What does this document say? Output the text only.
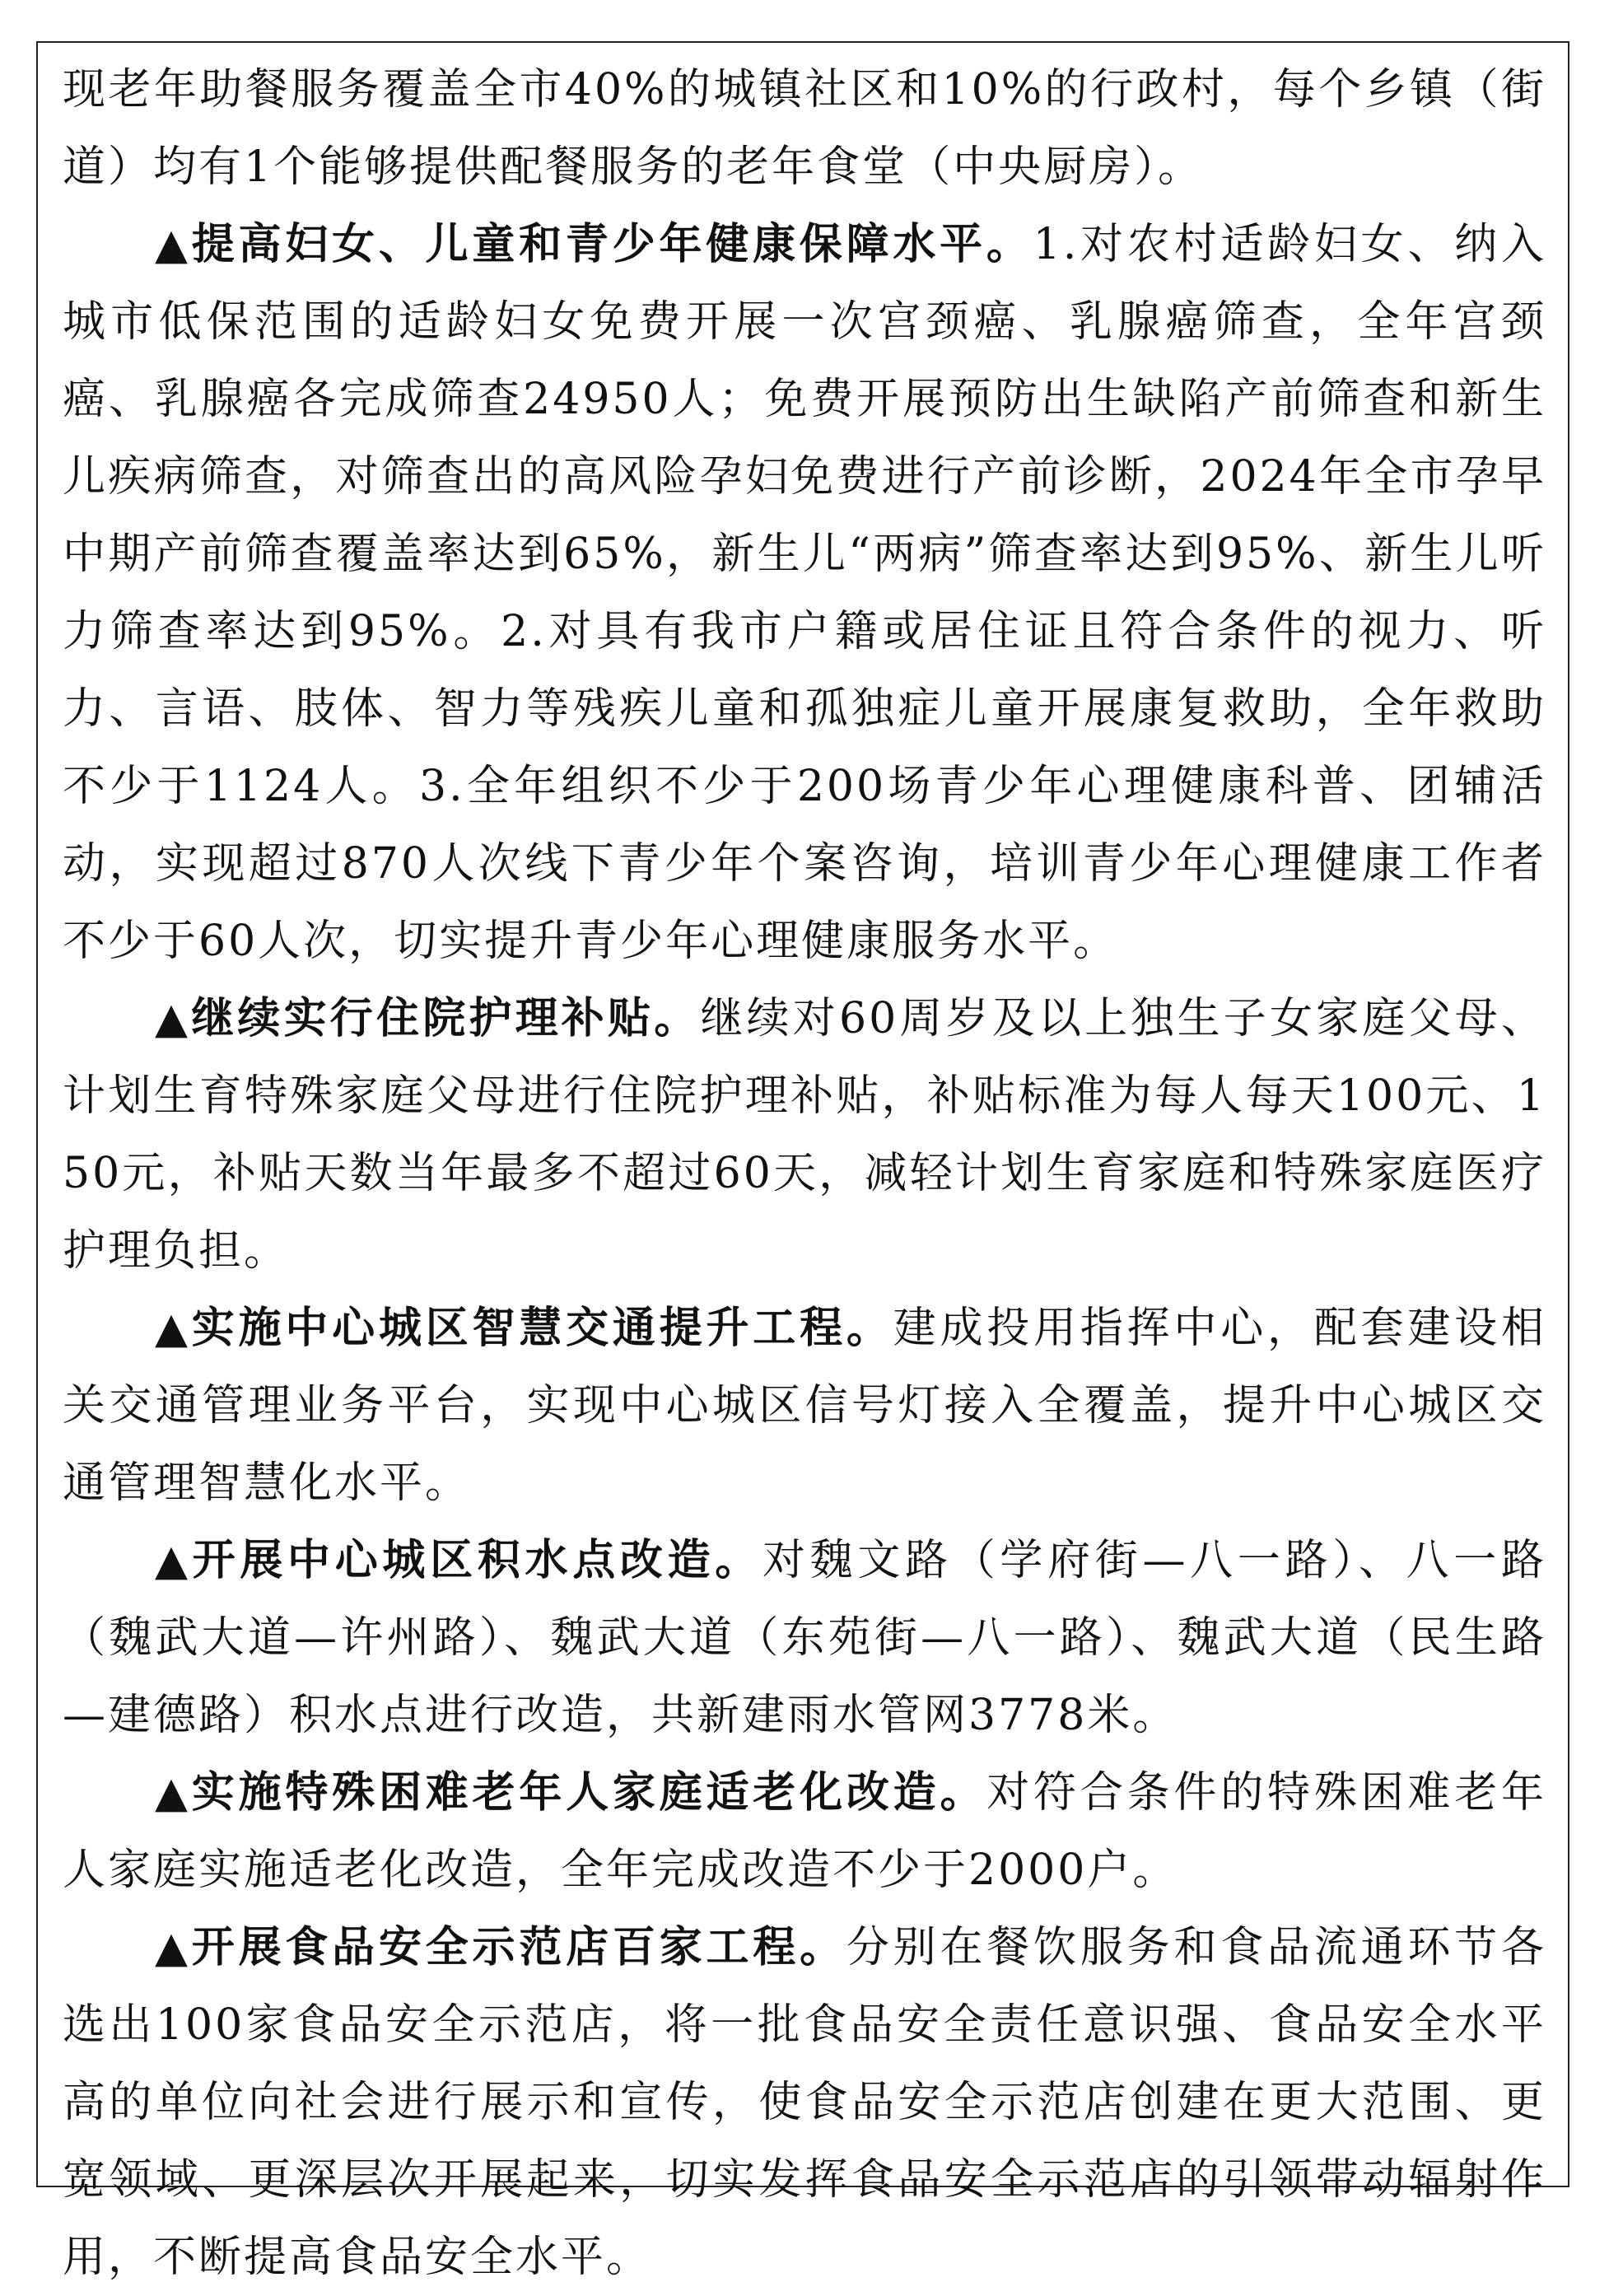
现老年助餐服务覆盖全市40%的城镇社区和10%的行政村，每个乡镇（街道）均有1个能够提供配餐服务的老年食堂（中央厨房）。

▲提高妇女、儿童和青少年健康保障水平。1.对农村适龄妇女、纳入城市低保范围的适龄妇女免费开展一次宫颈癌、乳腺癌筛查，全年宫颈癌、乳腺癌各完成筛查24950人；免费开展预防出生缺陷产前筛查和新生儿疾病筛查，对筛查出的高风险孕妇免费进行产前诊断，2024年全市孕早中期产前筛查覆盖率达到65%，新生儿“两病”筛查率达到95%、新生儿听力筛查率达到95%。2.对具有我市户籍或居住证且符合条件的视力、听力、言语、肢体、智力等残疾儿童和孤独症儿童开展康复救助，全年救助不少于1124人。3.全年组织不少于200场青少年心理健康科普、团辅活动，实现超过870人次线下青少年个案咨询，培训青少年心理健康工作者不少于60人次，切实提升青少年心理健康服务水平。

▲继续实行住院护理补贴。继续对60周岁及以上独生子女家庭父母、计划生育特殊家庭父母进行住院护理补贴，补贴标准为每人每天100元、150元，补贴天数当年最多不超过60天，减轻计划生育家庭和特殊家庭医疗护理负担。

▲实施中心城区智慧交通提升工程。建成投用指挥中心，配套建设相关交通管理业务平台，实现中心城区信号灯接入全覆盖，提升中心城区交通管理智慧化水平。

▲开展中心城区积水点改造。对魏文路（学府街—八一路）、八一路（魏武大道—许州路）、魏武大道（东苑街—八一路）、魏武大道（民生路—建德路）积水点进行改造，共新建雨水管网3778米。

▲实施特殊困难老年人家庭适老化改造。对符合条件的特殊困难老年人家庭实施适老化改造，全年完成改造不少于2000户。

▲开展食品安全示范店百家工程。分别在餐饮服务和食品流通环节各选出100家食品安全示范店，将一批食品安全责任意识强、食品安全水平高的单位向社会进行展示和宣传，使食品安全示范店创建在更大范围、更宽领域、更深层次开展起来，切实发挥食品安全示范店的引领带动辐射作用，不断提高食品安全水平。
